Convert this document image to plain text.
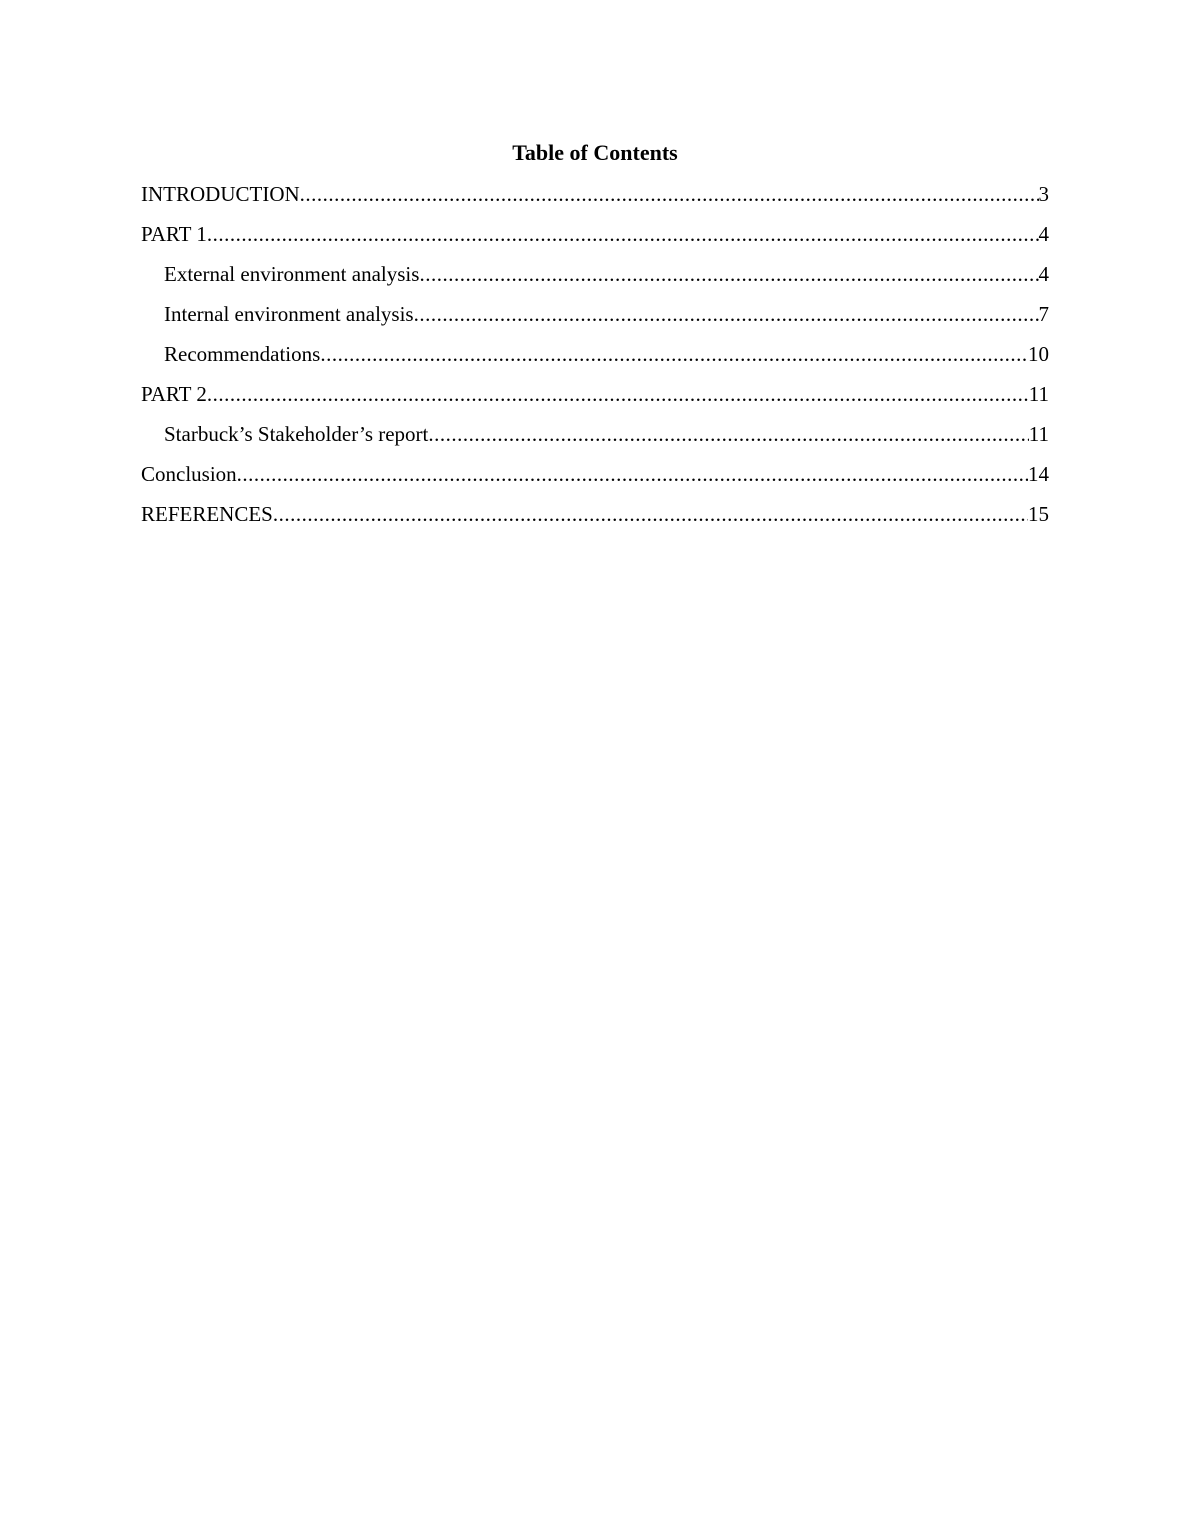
Table of Contents
INTRODUCTION .....	3
PART 1 .....	4
External environment analysis .....	4
Internal environment analysis .....	7
Recommendations .....	10
PART 2 .....	11
Starbuck’s Stakeholder’s report .....	11
Conclusion .....	14
REFERENCES .....	15
